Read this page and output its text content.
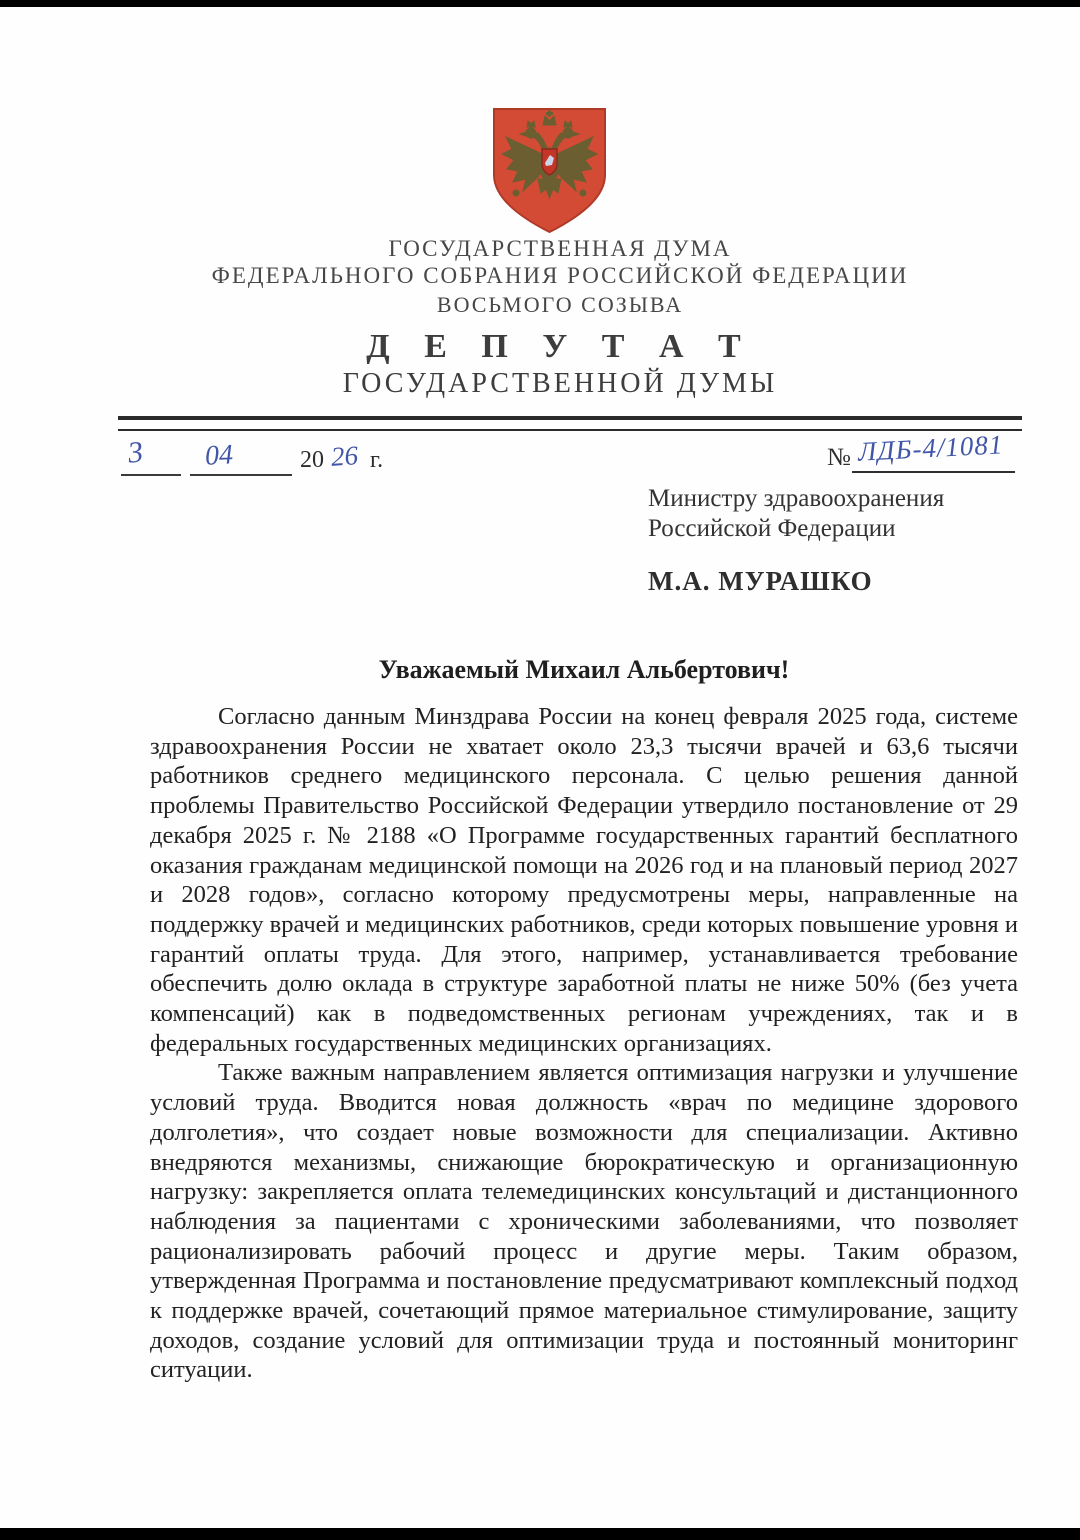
ГОСУДАРСТВЕННАЯ ДУМА
ФЕДЕРАЛЬНОГО СОБРАНИЯ РОССИЙСКОЙ ФЕДЕРАЦИИ
ВОСЬМОГО СОЗЫВА
Д Е П У Т А Т
ГОСУДАРСТВЕННОЙ ДУМЫ
3 04	20 26 г.	№ ЛДБ-4/1081
Министру здравоохранения
Российской Федерации
М.А. МУРАШКО
Уважаемый Михаил Альбертович!

Согласно данным Минздрава России на конец февраля 2025 года, системе здравоохранения России не хватает около 23,3 тысячи врачей и 63,6 тысячи работников среднего медицинского персонала. С целью решения данной проблемы Правительство Российской Федерации утвердило постановление от 29 декабря 2025 г. № 2188 «О Программе государственных гарантий бесплатного оказания гражданам медицинской помощи на 2026 год и на плановый период 2027 и 2028 годов», согласно которому предусмотрены меры, направленные на поддержку врачей и медицинских работников, среди которых повышение уровня и гарантий оплаты труда. Для этого, например, устанавливается требование обеспечить долю оклада в структуре заработной платы не ниже 50% (без учета компенсаций) как в подведомственных регионам учреждениях, так и в федеральных государственных медицинских организациях.

Также важным направлением является оптимизация нагрузки и улучшение условий труда. Вводится новая должность «врач по медицине здорового долголетия», что создает новые возможности для специализации. Активно внедряются механизмы, снижающие бюрократическую и организационную нагрузку: закрепляется оплата телемедицинских консультаций и дистанционного наблюдения за пациентами с хроническими заболеваниями, что позволяет рационализировать рабочий процесс и другие меры. Таким образом, утвержденная Программа и постановление предусматривают комплексный подход к поддержке врачей, сочетающий прямое материальное стимулирование, защиту доходов, создание условий для оптимизации труда и постоянный мониторинг ситуации.
